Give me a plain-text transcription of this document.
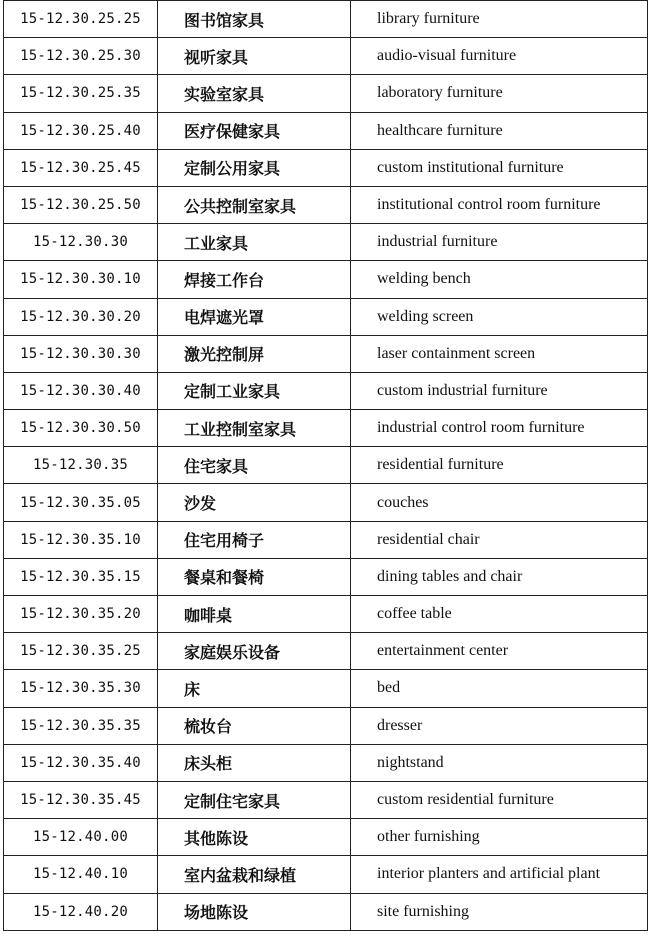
15-12.30.25.25	图书馆家具	library furniture
15-12.30.25.30	视听家具	audio-visual furniture
15-12.30.25.35	实验室家具	laboratory furniture
15-12.30.25.40	医疗保健家具	healthcare furniture
15-12.30.25.45	定制公用家具	custom institutional furniture
15-12.30.25.50	公共控制室家具	institutional control room furniture
15-12.30.30	工业家具	industrial furniture
15-12.30.30.10	焊接工作台	welding bench
15-12.30.30.20	电焊遮光罩	welding screen
15-12.30.30.30	激光控制屏	laser containment screen
15-12.30.30.40	定制工业家具	custom industrial furniture
15-12.30.30.50	工业控制室家具	industrial control room furniture
15-12.30.35	住宅家具	residential furniture
15-12.30.35.05	沙发	couches
15-12.30.35.10	住宅用椅子	residential chair
15-12.30.35.15	餐桌和餐椅	dining tables and chair
15-12.30.35.20	咖啡桌	coffee table
15-12.30.35.25	家庭娱乐设备	entertainment center
15-12.30.35.30	床	bed
15-12.30.35.35	梳妆台	dresser
15-12.30.35.40	床头柜	nightstand
15-12.30.35.45	定制住宅家具	custom residential furniture
15-12.40.00	其他陈设	other furnishing
15-12.40.10	室内盆栽和绿植	interior planters and artificial plant
15-12.40.20	场地陈设	site furnishing
